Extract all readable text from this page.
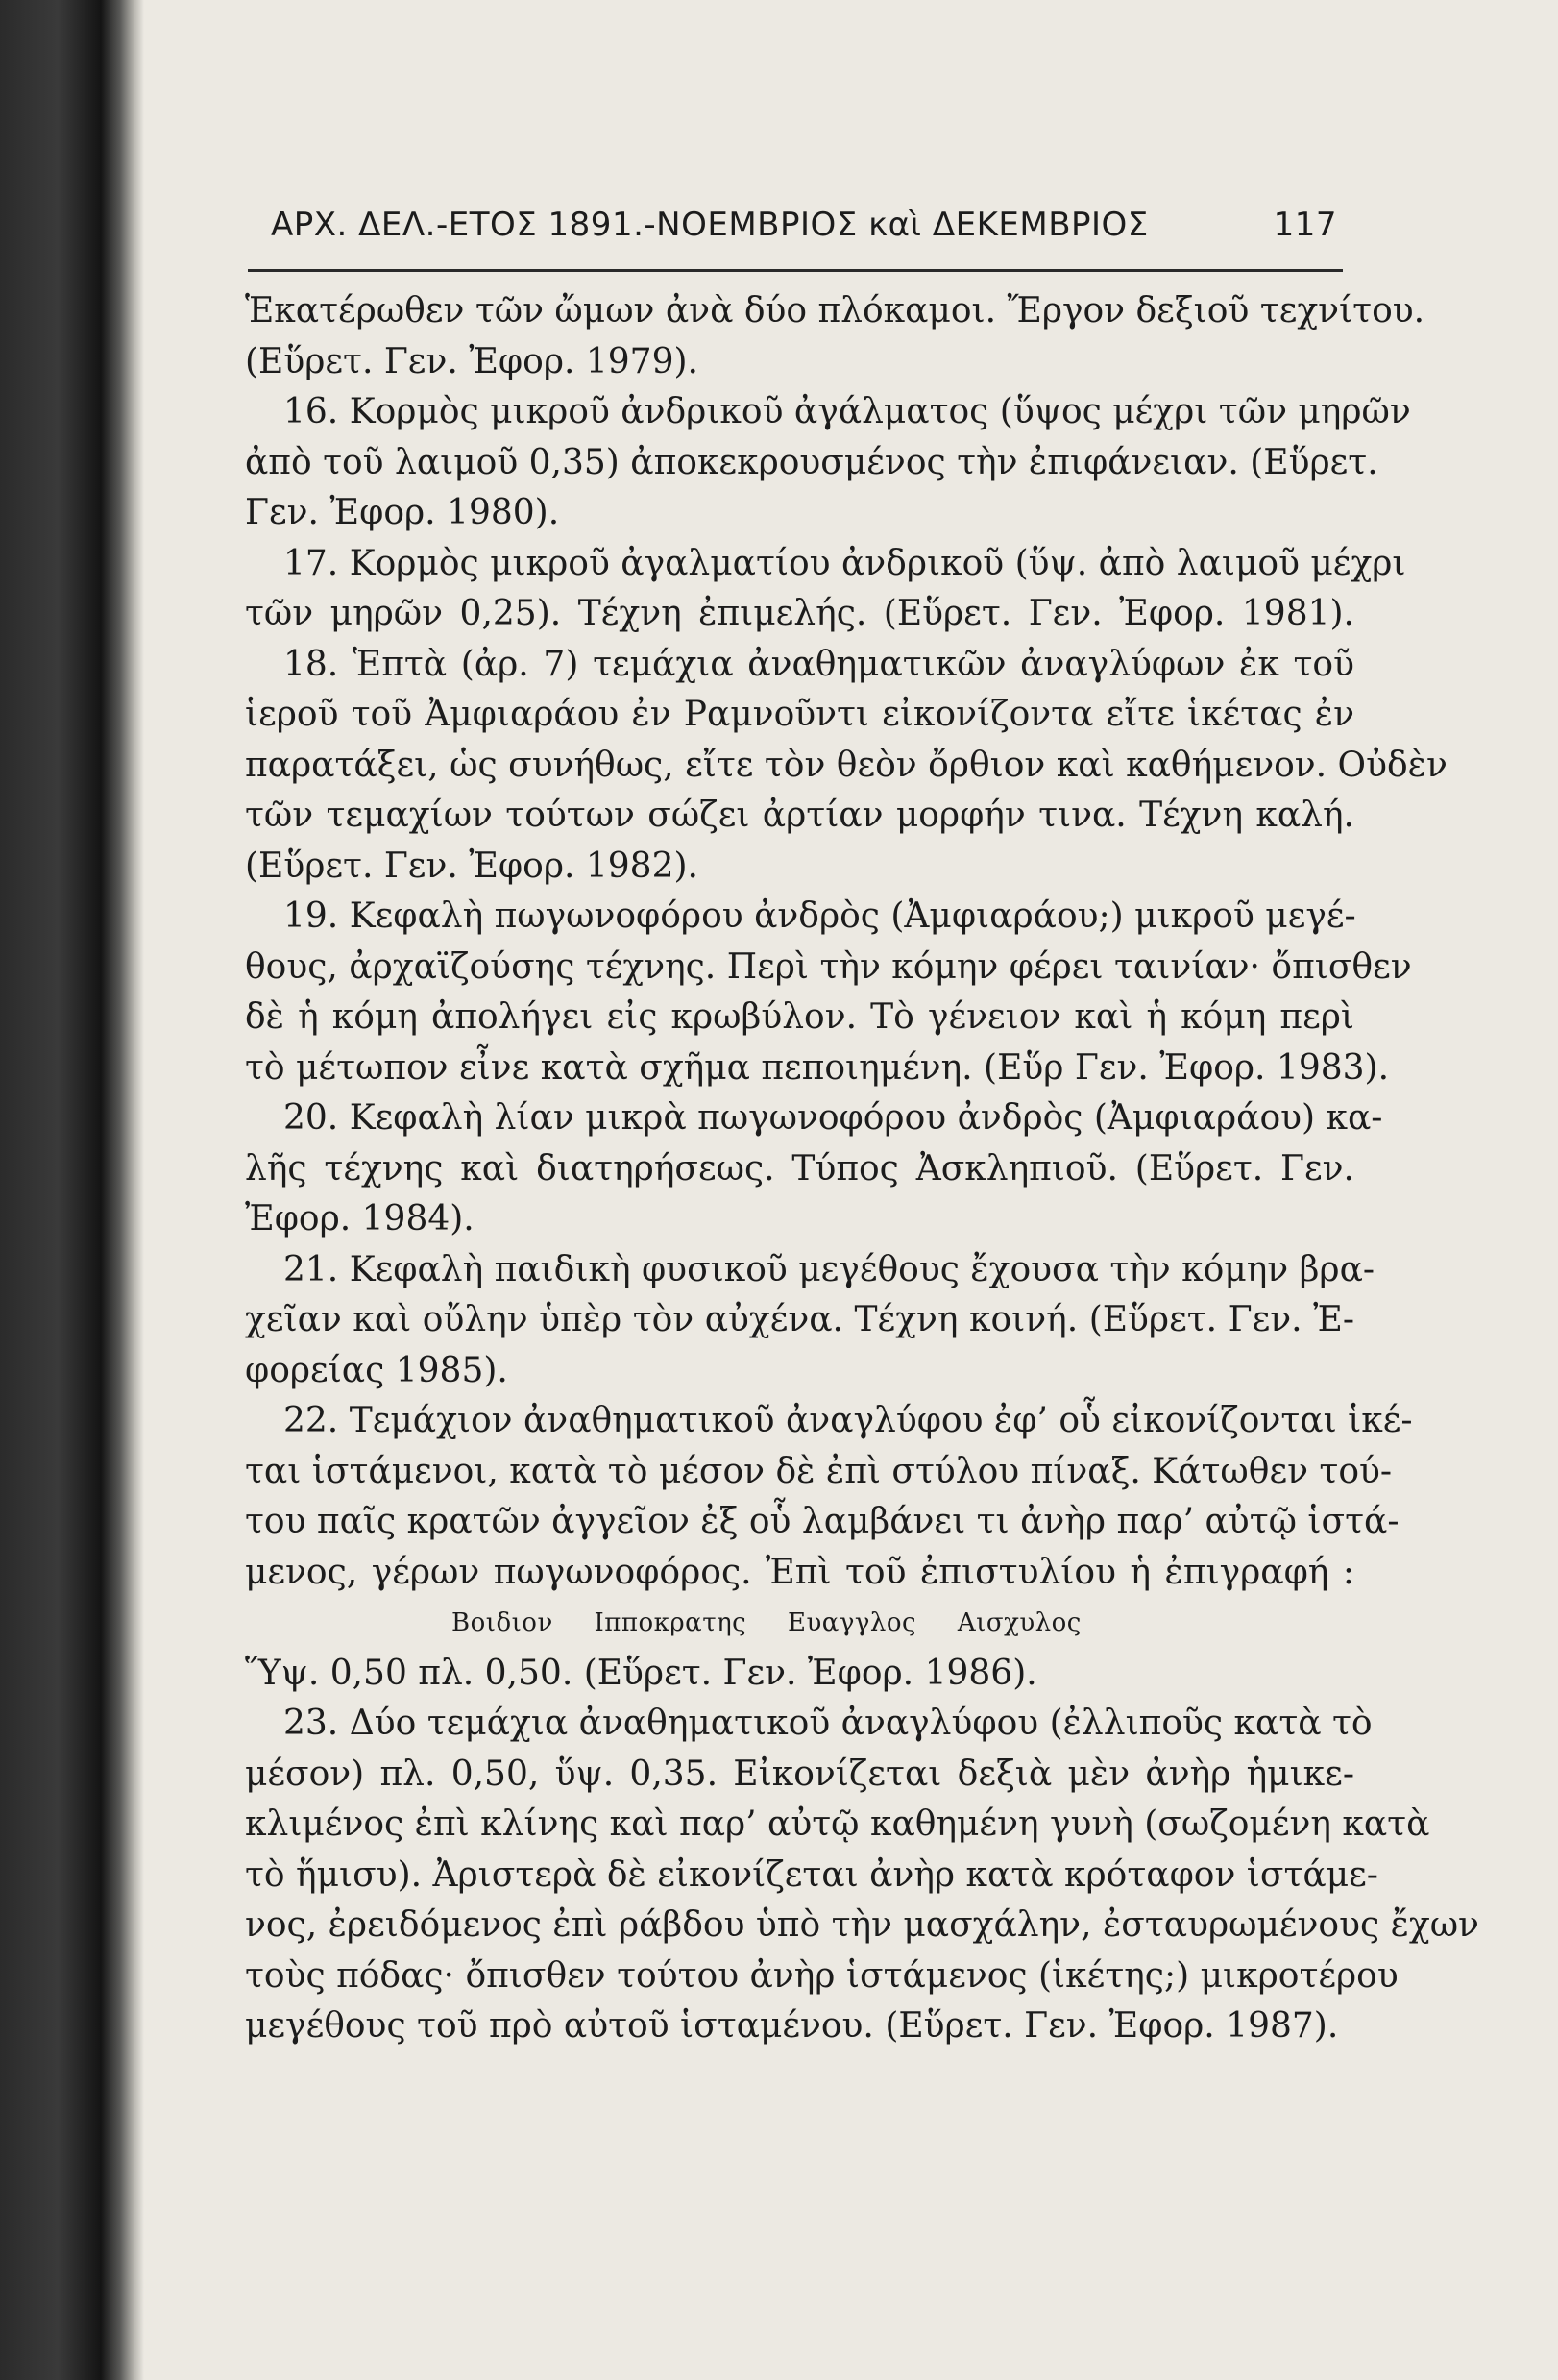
ΑΡΧ. ΔΕΛ.-ΕΤΟΣ 1891.-ΝΟΕΜΒΡΙΟΣ καὶ ΔΕΚΕΜΒΡΙΟΣ	117
Ἑκατέρωθεν τῶν ὤμων ἀνὰ δύο πλόκαμοι. Ἔργον δεξιοῦ τεχνίτου.
(Εὕρετ. Γεν. Ἐφορ. 1979).
16. Κορμὸς μικροῦ ἀνδρικοῦ ἀγάλματος (ὕψος μέχρι τῶν μηρῶν
ἀπὸ τοῦ λαιμοῦ 0,35) ἀποκεκρουσμένος τὴν ἐπιφάνειαν. (Εὕρετ.
Γεν. Ἐφορ. 1980).
17. Κορμὸς μικροῦ ἀγαλματίου ἀνδρικοῦ (ὕψ. ἀπὸ λαιμοῦ μέχρι
τῶν μηρῶν 0,25). Τέχνη ἐπιμελής. (Εὕρετ. Γεν. Ἐφορ. 1981).
18. Ἑπτὰ (ἀρ. 7) τεμάχια ἀναθηματικῶν ἀναγλύφων ἐκ τοῦ
ἱεροῦ τοῦ Ἀμφιαράου ἐν Ραμνοῦντι εἰκονίζοντα εἴτε ἱκέτας ἐν
παρατάξει, ὡς συνήθως, εἴτε τὸν θεὸν ὄρθιον καὶ καθήμενον. Οὐδὲν
τῶν τεμαχίων τούτων σώζει ἀρτίαν μορφήν τινα. Τέχνη καλή.
(Εὕρετ. Γεν. Ἐφορ. 1982).
19. Κεφαλὴ πωγωνοφόρου ἀνδρὸς (Ἀμφιαράου;) μικροῦ μεγέ-
θους, ἀρχαϊζούσης τέχνης. Περὶ τὴν κόμην φέρει ταινίαν· ὄπισθεν
δὲ ἡ κόμη ἀπολήγει εἰς κρωβύλον. Τὸ γένειον καὶ ἡ κόμη περὶ
τὸ μέτωπον εἶνε κατὰ σχῆμα πεποιημένη. (Εὕρ Γεν. Ἐφορ. 1983).
20. Κεφαλὴ λίαν μικρὰ πωγωνοφόρου ἀνδρὸς (Ἀμφιαράου) κα-
λῆς τέχνης καὶ διατηρήσεως. Τύπος Ἀσκληπιοῦ. (Εὕρετ. Γεν.
Ἐφορ. 1984).
21. Κεφαλὴ παιδικὴ φυσικοῦ μεγέθους ἔχουσα τὴν κόμην βρα-
χεῖαν καὶ οὔλην ὑπὲρ τὸν αὐχένα. Τέχνη κοινή. (Εὕρετ. Γεν. Ἐ-
φορείας 1985).
22. Τεμάχιον ἀναθηματικοῦ ἀναγλύφου ἐφ’ οὗ εἰκονίζονται ἱκέ-
ται ἱστάμενοι, κατὰ τὸ μέσον δὲ ἐπὶ στύλου πίναξ. Κάτωθεν τού-
του παῖς κρατῶν ἀγγεῖον ἐξ οὗ λαμβάνει τι ἀνὴρ παρ’ αὐτῷ ἱστά-
μενος, γέρων πωγωνοφόρος. Ἐπὶ τοῦ ἐπιστυλίου ἡ ἐπιγραφή :
Βοιδιον Ιπποκρατης Ευαγγλος Αισχυλος
Ὕψ. 0,50 πλ. 0,50. (Εὕρετ. Γεν. Ἐφορ. 1986).
23. Δύο τεμάχια ἀναθηματικοῦ ἀναγλύφου (ἐλλιποῦς κατὰ τὸ
μέσον) πλ. 0,50, ὕψ. 0,35. Εἰκονίζεται δεξιὰ μὲν ἀνὴρ ἡμικε-
κλιμένος ἐπὶ κλίνης καὶ παρ’ αὐτῷ καθημένη γυνὴ (σωζομένη κατὰ
τὸ ἥμισυ). Ἀριστερὰ δὲ εἰκονίζεται ἀνὴρ κατὰ κρόταφον ἱστάμε-
νος, ἐρειδόμενος ἐπὶ ράβδου ὑπὸ τὴν μασχάλην, ἐσταυρωμένους ἔχων
τοὺς πόδας· ὄπισθεν τούτου ἀνὴρ ἱστάμενος (ἱκέτης;) μικροτέρου
μεγέθους τοῦ πρὸ αὐτοῦ ἱσταμένου. (Εὕρετ. Γεν. Ἐφορ. 1987).
